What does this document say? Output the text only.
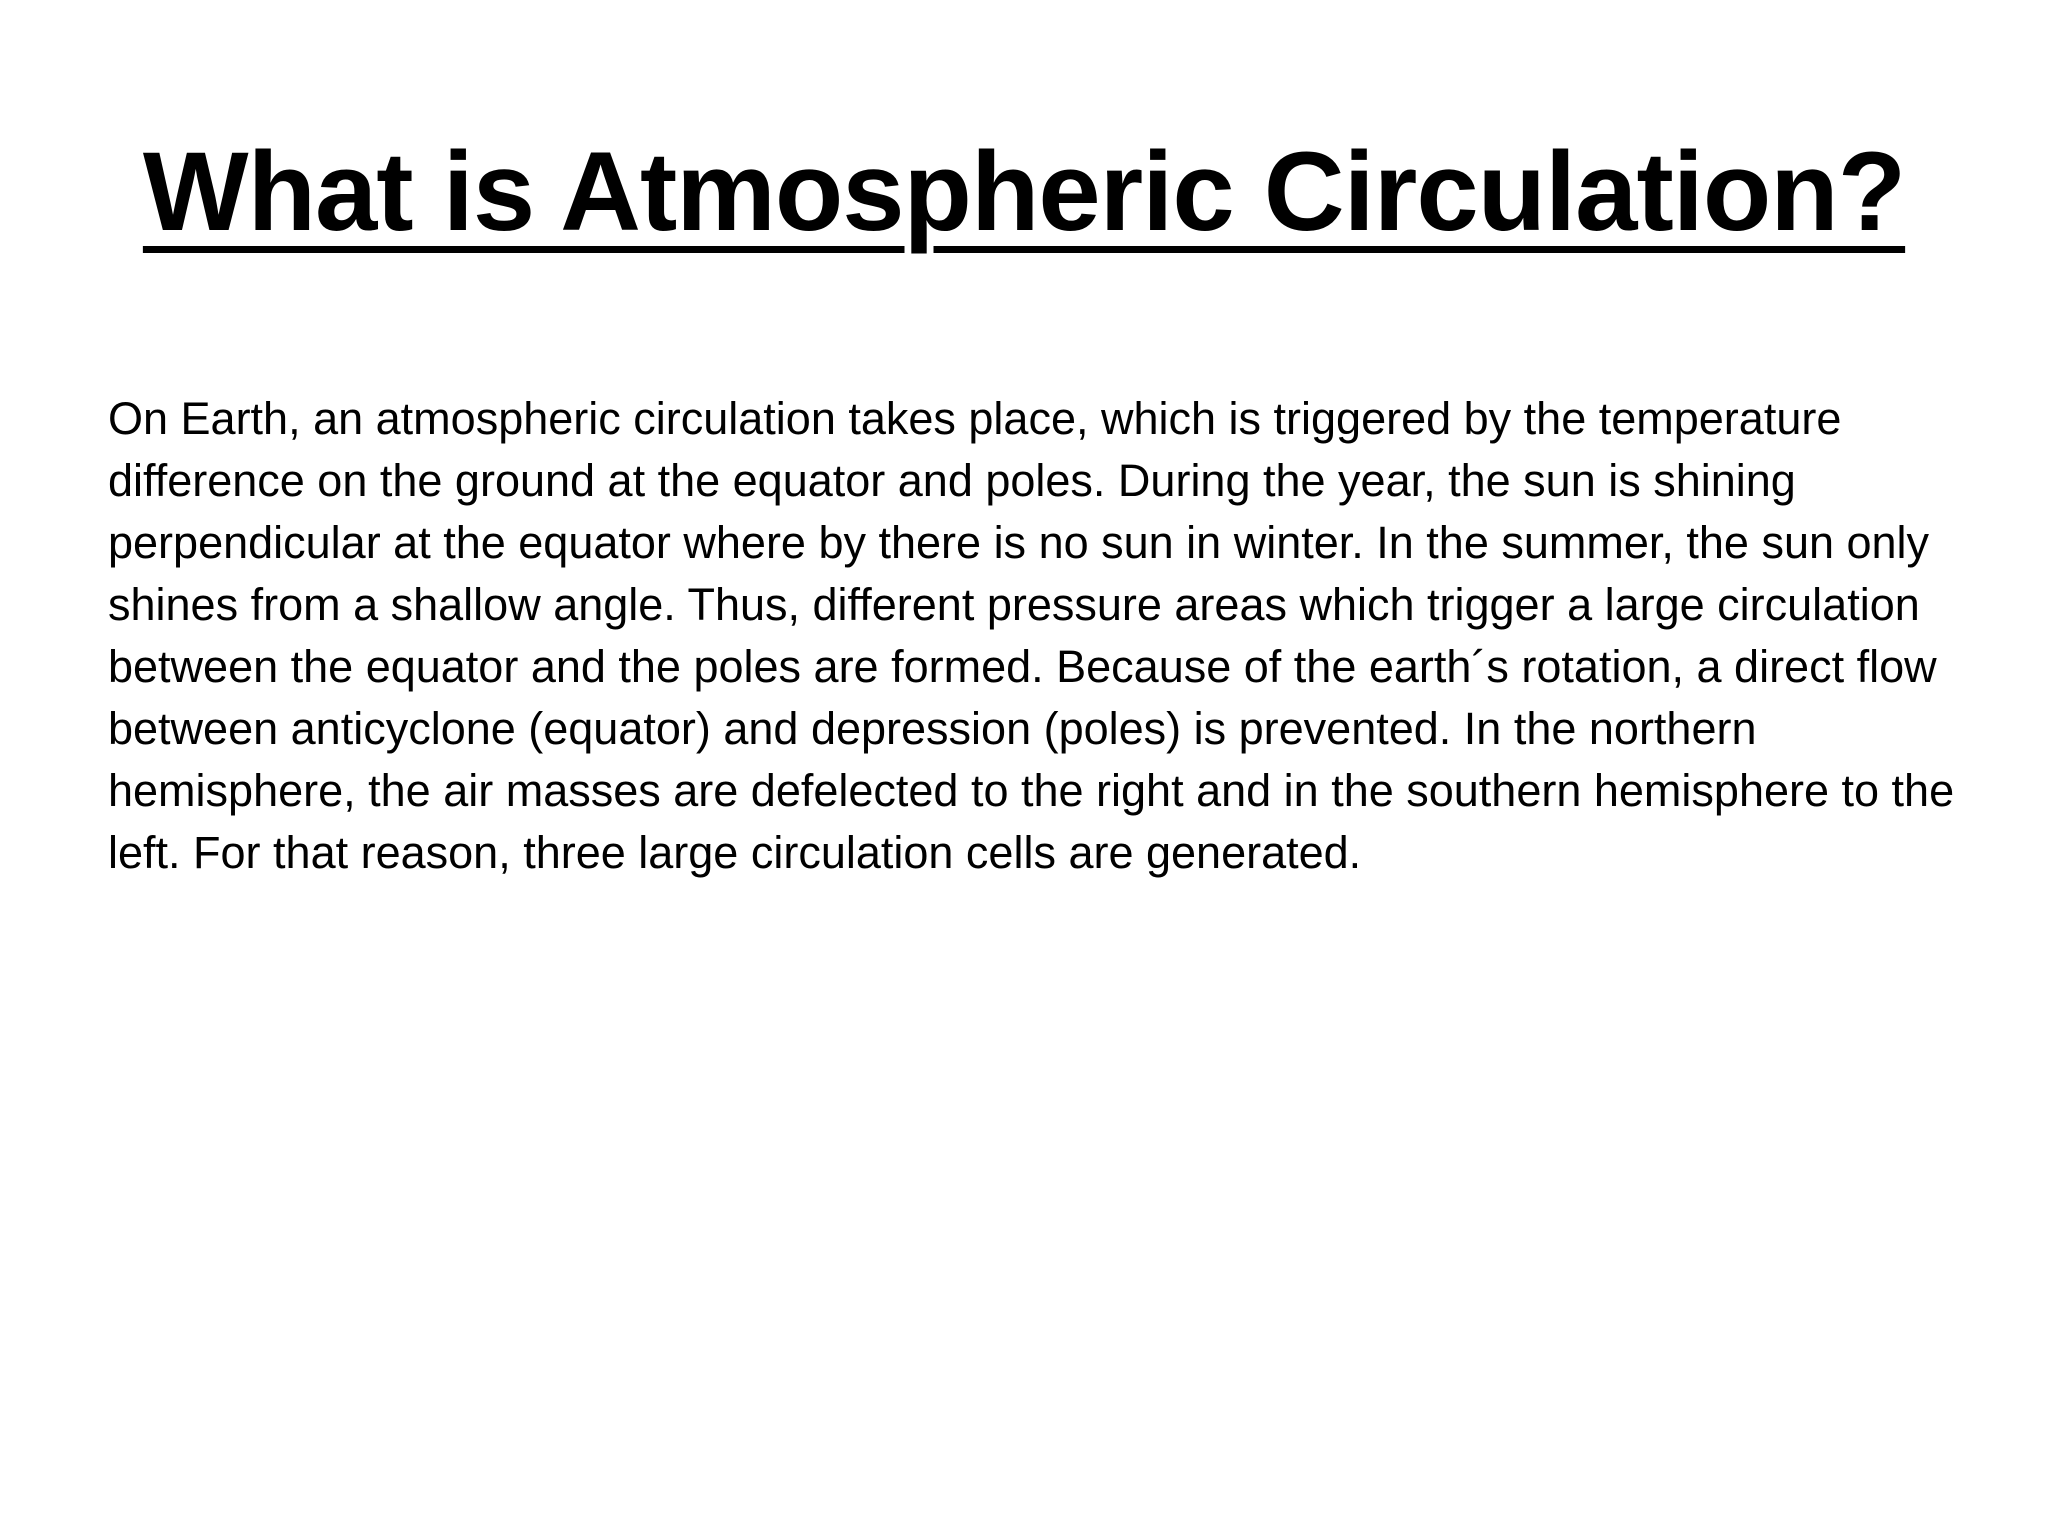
What is Atmospheric Circulation?

On Earth, an atmospheric circulation takes place, which is triggered by the temperature difference on the ground at the equator and poles. During the year, the sun is shining perpendicular at the equator where by there is no sun in winter. In the summer, the sun only shines from a shallow angle. Thus, different pressure areas which trigger a large circulation between the equator and the poles are formed. Because of the earth´s rotation, a direct flow between anticyclone (equator) and depression (poles) is prevented. In the northern hemisphere, the air masses are defelected to the right and in the southern hemisphere to the left. For that reason, three large circulation cells are generated.
